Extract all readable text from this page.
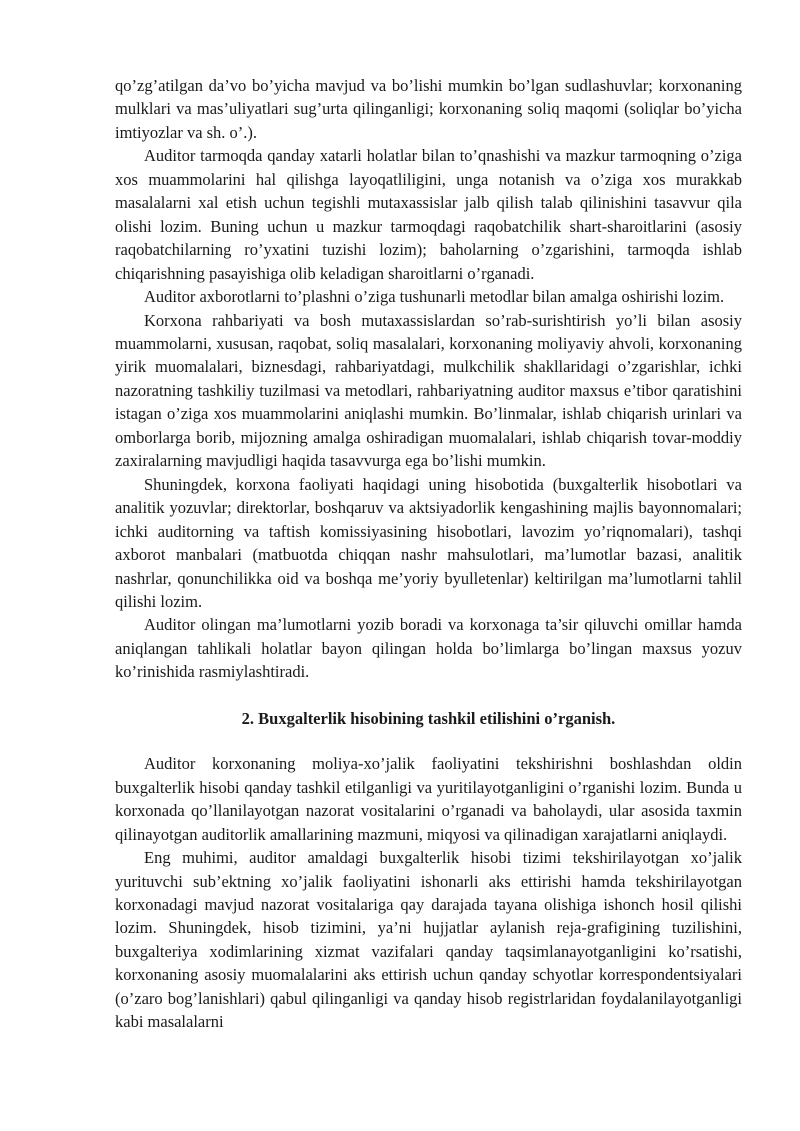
qo’zg’atilgan da’vo bo’yicha mavjud va bo’lishi mumkin bo’lgan sudlashuvlar; korxonaning mulklari va mas’uliyatlari sug’urta qilinganligi; korxonaning soliq maqomi (soliqlar bo’yicha imtiyozlar va sh. o’.).

Auditor tarmoqda qanday xatarli holatlar bilan to’qnashishi va mazkur tarmoqning o’ziga xos muammolarini hal qilishga layoqatliligini, unga notanish va o’ziga xos murakkab masalalarni xal etish uchun tegishli mutaxassislar jalb qilish talab qilinishini tasavvur qila olishi lozim. Buning uchun u mazkur tarmoqdagi raqobatchilik shart-sharoitlarini (asosiy raqobatchilarning ro’yxatini tuzishi lozim); baholarning o’zgarishini, tarmoqda ishlab chiqarishning pasayishiga olib keladigan sharoitlarni o’rganadi.

Auditor axborotlarni to’plashni o’ziga tushunarli metodlar bilan amalga oshirishi lozim.

Korxona rahbariyati va bosh mutaxassislardan so’rab-surishtirish yo’li bilan asosiy muammolarni, xususan, raqobat, soliq masalalari, korxonaning moliyaviy ahvoli, korxonaning yirik muomalalari, biznesdagi, rahbariyatdagi, mulkchilik shakllaridagi o’zgarishlar, ichki nazoratning tashkiliy tuzilmasi va metodlari, rahbariyatning auditor maxsus e’tibor qaratishini istagan o’ziga xos muammolarini aniqlashi mumkin. Bo’linmalar, ishlab chiqarish urinlari va omborlarga borib, mijozning amalga oshiradigan muomalalari, ishlab chiqarish tovar-moddiy zaxiralarning mavjudligi haqida tasavvurga ega bo’lishi mumkin.

Shuningdek, korxona faoliyati haqidagi uning hisobotida (buxgalterlik hisobotlari va analitik yozuvlar; direktorlar, boshqaruv va aktsiyadorlik kengashining majlis bayonnomalari; ichki auditorning va taftish komissiyasining hisobotlari, lavozim yo’riqnomalari), tashqi axborot manbalari (matbuotda chiqqan nashr mahsulotlari, ma’lumotlar bazasi, analitik nashrlar, qonunchilikka oid va boshqa me’yoriy byulletenlar) keltirilgan ma’lumotlarni tahlil qilishi lozim.

Auditor olingan ma’lumotlarni yozib boradi va korxonaga ta’sir qiluvchi omillar hamda aniqlangan tahlikali holatlar bayon qilingan holda bo’limlarga bo’lingan maxsus yozuv ko’rinishida rasmiylashtiradi.

2. Buxgalterlik hisobining tashkil etilishini o’rganish.

Auditor korxonaning moliya-xo’jalik faoliyatini tekshirishni boshlashdan oldin buxgalterlik hisobi qanday tashkil etilganligi va yuritilayotganligini o’rganishi lozim. Bunda u korxonada qo’llanilayotgan nazorat vositalarini o’rganadi va baholaydi, ular asosida taxmin qilinayotgan auditorlik amallarining mazmuni, miqyosi va qilinadigan xarajatlarni aniqlaydi.

Eng muhimi, auditor amaldagi buxgalterlik hisobi tizimi tekshirilayotgan xo’jalik yurituvchi sub’ektning xo’jalik faoliyatini ishonarli aks ettirishi hamda tekshirilayotgan korxonadagi mavjud nazorat vositalariga qay darajada tayana olishiga ishonch hosil qilishi lozim. Shuningdek, hisob tizimini, ya’ni hujjatlar aylanish reja-grafigining tuzilishini, buxgalteriya xodimlarining xizmat vazifalari qanday taqsimlanayotganligini ko’rsatishi, korxonaning asosiy muomalalarini aks ettirish uchun qanday schyotlar korrespondentsiyalari (o’zaro bog’lanishlari) qabul qilinganligi va qanday hisob registrlaridan foydalanilayotganligi kabi masalalarni
